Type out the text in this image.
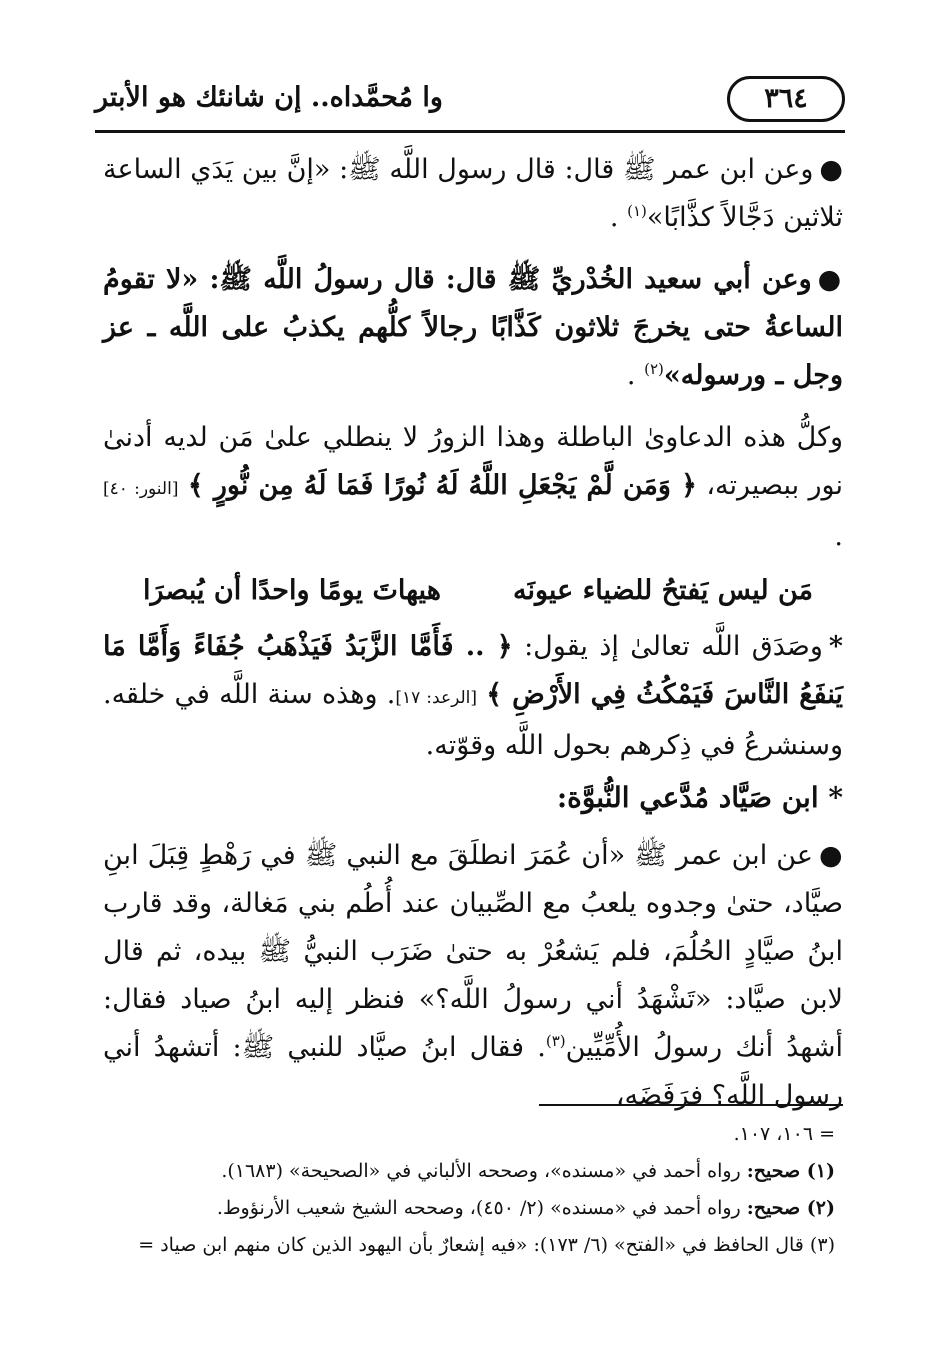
٣٦٤
وا مُحمَّداه.. إن شانئك هو الأبتر

●وعن ابن عمر ﷺ قال: قال رسول اللَّه ﷺ: «إنَّ بين يَدَي الساعة ثلاثين دَجَّالاً كذَّابًا»$^{(١)}$ .

●وعن أبي سعيد الخُدْريِّ ﷺ قال: قال رسولُ اللَّه ﷺ: «لا تقومُ الساعةُ حتى يخرجَ ثلاثون كَذَّابًا رجالاً كلُّهم يكذبُ على اللَّه ـ عز وجل ـ ورسوله»$^{(٢)}$ .

وكلُّ هذه الدعاوىٰ الباطلة وهذا الزورُ لا ينطلي علىٰ مَن لديه أدنىٰ نور ببصيرته، ﴿ وَمَن لَّمْ يَجْعَلِ اللَّهُ لَهُ نُورًا فَمَا لَهُ مِن نُّورٍ ﴾ [النور: ٤٠] .

مَن ليس يَفتحُ للضياء عيونَه
هيهاتَ يومًا واحدًا أن يُبصرَا

*وصَدَق اللَّه تعالىٰ إذ يقول: ﴿ .. فَأَمَّا الزَّبَدُ فَيَذْهَبُ جُفَاءً وَأَمَّا مَا يَنفَعُ النَّاسَ فَيَمْكُثُ فِي الأَرْضِ ﴾ [الرعد: ١٧]. وهذه سنة اللَّه في خلقه. وسنشرعُ في ذِكرهم بحول اللَّه وقوّته.

* ابن صَيَّاد مُدَّعي النُّبوَّة:

●عن ابن عمر ﷺ «أن عُمَرَ انطلَقَ مع النبي ﷺ في رَهْطٍ قِبَلَ ابنِ صيَّاد، حتىٰ وجدوه يلعبُ مع الصِّبيان عند أُطُم بني مَغالة، وقد قارب ابنُ صيَّادٍ الحُلُمَ، فلم يَشعُرْ به حتىٰ ضَرَب النبيُّ ﷺ بيده، ثم قال لابن صيَّاد: «تَشْهَدُ أني رسولُ اللَّه؟» فنظر إليه ابنُ صياد فقال: أشهدُ أنك رسولُ الأُمِّيِّين$^{(٣)}$. فقال ابنُ صيَّاد للنبي ﷺ: أتشهدُ أني رسول اللَّه؟ فرَفَضَه،

= ١٠٦، ١٠٧.

(١) صحيح: رواه أحمد في «مسنده»، وصححه الألباني في «الصحيحة» (١٦٨٣).

(٢) صحيح: رواه أحمد في «مسنده» (٢/ ٤٥٠)، وصححه الشيخ شعيب الأرنؤوط.

(٣) قال الحافظ في «الفتح» (٦/ ١٧٣): «فيه إشعارٌ بأن اليهود الذين كان منهم ابن صياد =
